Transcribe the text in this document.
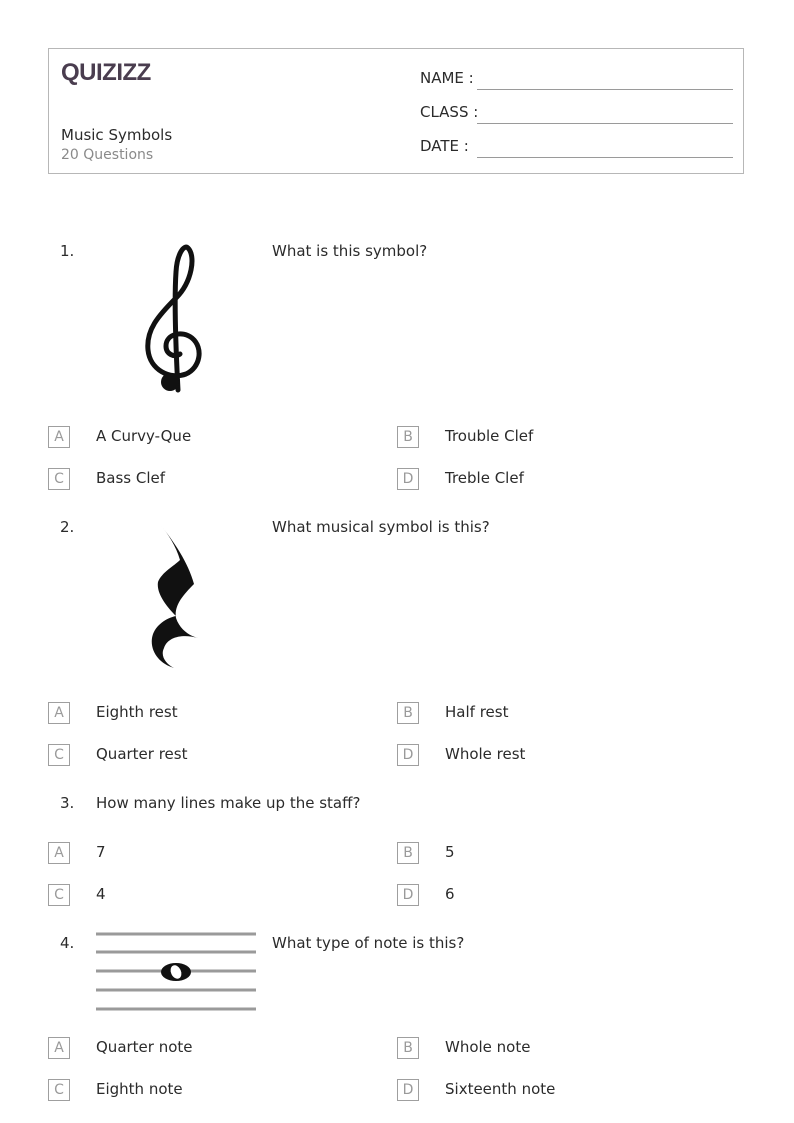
QUIZIZZ
Music Symbols
20 Questions
NAME :
CLASS :
DATE :
1.	What is this symbol?
A	A Curvy-Que	B	Trouble Clef
C	Bass Clef	D	Treble Clef
2.	What musical symbol is this?
A	Eighth rest	B	Half rest
C	Quarter rest	D	Whole rest
3. How many lines make up the staff?
A	7	B	5
C	4	D	6
4.	What type of note is this?
A	Quarter note	B	Whole note
C	Eighth note	D	Sixteenth note
